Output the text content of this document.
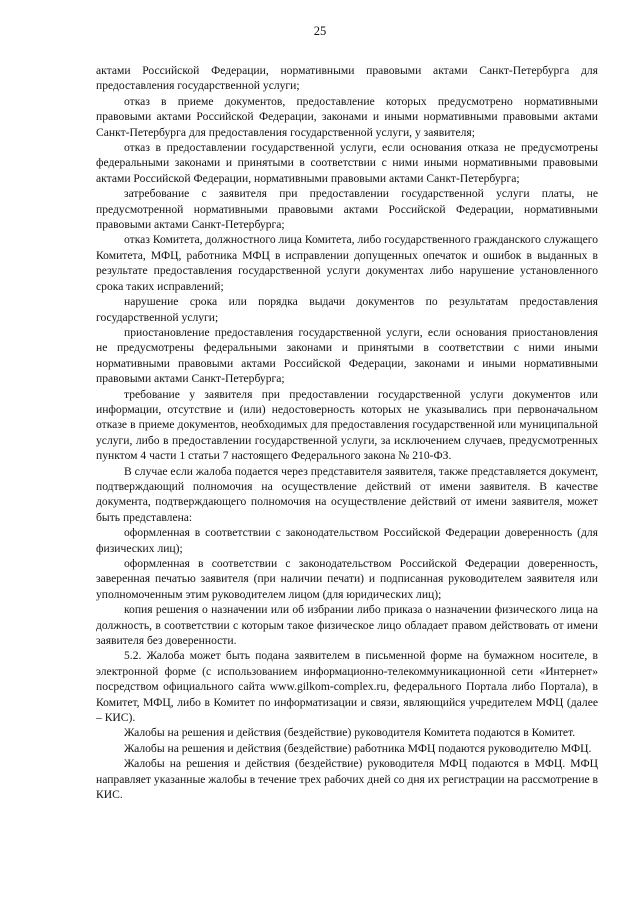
25

актами Российской Федерации, нормативными правовыми актами Санкт-Петербурга для предоставления государственной услуги;

отказ в приеме документов, предоставление которых предусмотрено нормативными правовыми актами Российской Федерации, законами и иными нормативными правовыми актами Санкт-Петербурга для предоставления государственной услуги, у заявителя;

отказ в предоставлении государственной услуги, если основания отказа не предусмотрены федеральными законами и принятыми в соответствии с ними иными нормативными правовыми актами Российской Федерации, нормативными правовыми актами Санкт-Петербурга;

затребование с заявителя при предоставлении государственной услуги платы, не предусмотренной нормативными правовыми актами Российской Федерации, нормативными правовыми актами Санкт-Петербурга;

отказ Комитета, должностного лица Комитета, либо государственного гражданского служащего Комитета, МФЦ, работника МФЦ в исправлении допущенных опечаток и ошибок в выданных в результате предоставления государственной услуги документах либо нарушение установленного срока таких исправлений;

нарушение срока или порядка выдачи документов по результатам предоставления государственной услуги;

приостановление предоставления государственной услуги, если основания приостановления не предусмотрены федеральными законами и принятыми в соответствии с ними иными нормативными правовыми актами Российской Федерации, законами и иными нормативными правовыми актами Санкт-Петербурга;

требование у заявителя при предоставлении государственной услуги документов или информации, отсутствие и (или) недостоверность которых не указывались при первоначальном отказе в приеме документов, необходимых для предоставления государственной или муниципальной услуги, либо в предоставлении государственной услуги, за исключением случаев, предусмотренных пунктом 4 части 1 статьи 7 настоящего Федерального закона № 210-ФЗ.

В случае если жалоба подается через представителя заявителя, также представляется документ, подтверждающий полномочия на осуществление действий от имени заявителя. В качестве документа, подтверждающего полномочия на осуществление действий от имени заявителя, может быть представлена:

оформленная в соответствии с законодательством Российской Федерации доверенность (для физических лиц);

оформленная в соответствии с законодательством Российской Федерации доверенность, заверенная печатью заявителя (при наличии печати) и подписанная руководителем заявителя или уполномоченным этим руководителем лицом (для юридических лиц);

копия решения о назначении или об избрании либо приказа о назначении физического лица на должность, в соответствии с которым такое физическое лицо обладает правом действовать от имени заявителя без доверенности.

5.2. Жалоба может быть подана заявителем в письменной форме на бумажном носителе, в электронной форме (с использованием информационно-телекоммуникационной сети «Интернет» посредством официального сайта www.gilkom-complex.ru, федерального Портала либо Портала), в Комитет, МФЦ, либо в Комитет по информатизации и связи, являющийся учредителем МФЦ (далее – КИС).

Жалобы на решения и действия (бездействие) руководителя Комитета подаются в Комитет.

Жалобы на решения и действия (бездействие) работника МФЦ подаются руководителю МФЦ.

Жалобы на решения и действия (бездействие) руководителя МФЦ подаются в МФЦ. МФЦ направляет указанные жалобы в течение трех рабочих дней со дня их регистрации на рассмотрение в КИС.
